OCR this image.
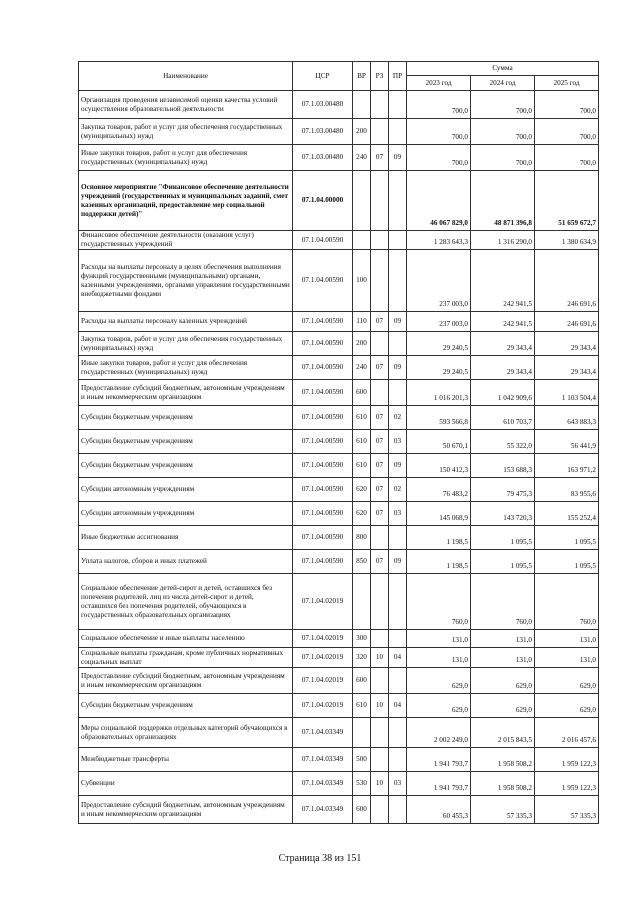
Наименование	ЦСР	ВР	РЗ	ПР	Сумма		
					2023 год	2024 год	2025 год
Организация проведения независимой оценки качества условий осуществления образовательной деятельности	07.1.03.00480				700,0	700,0	700,0
Закупка товаров, работ и услуг для обеспечения государственных (муниципальных) нужд	07.1.03.00480	200			700,0	700,0	700,0
Иные закупки товаров, работ и услуг для обеспечения государственных (муниципальных) нужд	07.1.03.00480	240	07	09	700,0	700,0	700,0
Основное мероприятие "Финансовое обеспечение деятельности учреждений (государственных и муниципальных заданий, смет казенных организаций, предоставление мер социальной поддержки детей)"	07.1.04.00000				46 067 829,0	48 871 396,8	51 659 672,7
Финансовое обеспечение деятельности (оказания услуг) государственных учреждений	07.1.04.00590				1 283 643,3	1 316 290,0	1 380 634,9
Расходы на выплаты персоналу в целях обеспечения выполнения функций государственными (муниципальными) органами, казенными учреждениями, органами управления государственными внебюджетными фондами	07.1.04.00590	100			237 003,0	242 941,5	246 691,6
Расходы на выплаты персоналу казенных учреждений	07.1.04.00590	110	07	09	237 003,0	242 941,5	246 691,6
Закупка товаров, работ и услуг для обеспечения государственных (муниципальных) нужд	07.1.04.00590	200			29 240,5	29 343,4	29 343,4
Иные закупки товаров, работ и услуг для обеспечения государственных (муниципальных) нужд	07.1.04.00590	240	07	09	29 240,5	29 343,4	29 343,4
Предоставление субсидий бюджетным, автономным учреждениям и иным некоммерческим организациям	07.1.04.00590	600			1 016 201,3	1 042 909,6	1 103 504,4
Субсидии бюджетным учреждениям	07.1.04.00590	610	07	02	593 566,8	610 703,7	643 883,3
Субсидии бюджетным учреждениям	07.1.04.00590	610	07	03	50 670,1	55 322,0	56 441,9
Субсидии бюджетным учреждениям	07.1.04.00590	610	07	09	150 412,3	153 688,3	163 971,2
Субсидии автономным учреждениям	07.1.04.00590	620	07	02	76 483,2	79 475,3	83 955,6
Субсидии автономным учреждениям	07.1.04.00590	620	07	03	145 068,9	143 720,3	155 252,4
Иные бюджетные ассигнования	07.1.04.00590	800			1 198,5	1 095,5	1 095,5
Уплата налогов, сборов и иных платежей	07.1.04.00590	850	07	09	1 198,5	1 095,5	1 095,5
Социальное обеспечение детей-сирот и детей, оставшихся без попечения родителей, лиц из числа детей-сирот и детей, оставшихся без попечения родителей, обучающихся в государственных образовательных организациях	07.1.04.02019				760,0	760,0	760,0
Социальное обеспечение и иные выплаты населению	07.1.04.02019	300			131,0	131,0	131,0
Социальные выплаты гражданам, кроме публичных нормативных социальных выплат	07.1.04.02019	320	10	04	131,0	131,0	131,0
Предоставление субсидий бюджетным, автономным учреждениям и иным некоммерческим организациям	07.1.04.02019	600			629,0	629,0	629,0
Субсидии бюджетным учреждениям	07.1.04.02019	610	10	04	629,0	629,0	629,0
Меры социальной поддержки отдельных категорий обучающихся в образовательных организациях	07.1.04.03349				2 002 249,0	2 015 843,5	2 016 457,6
Межбюджетные трансферты	07.1.04.03349	500			1 941 793,7	1 958 508,2	1 959 122,3
Субвенции	07.1.04.03349	530	10	03	1 941 793,7	1 958 508,2	1 959 122,3
Предоставление субсидий бюджетным, автономным учреждениям и иным некоммерческим организациям	07.1.04.03349	600			60 455,3	57 335,3	57 335,3
Страница 38 из 151
